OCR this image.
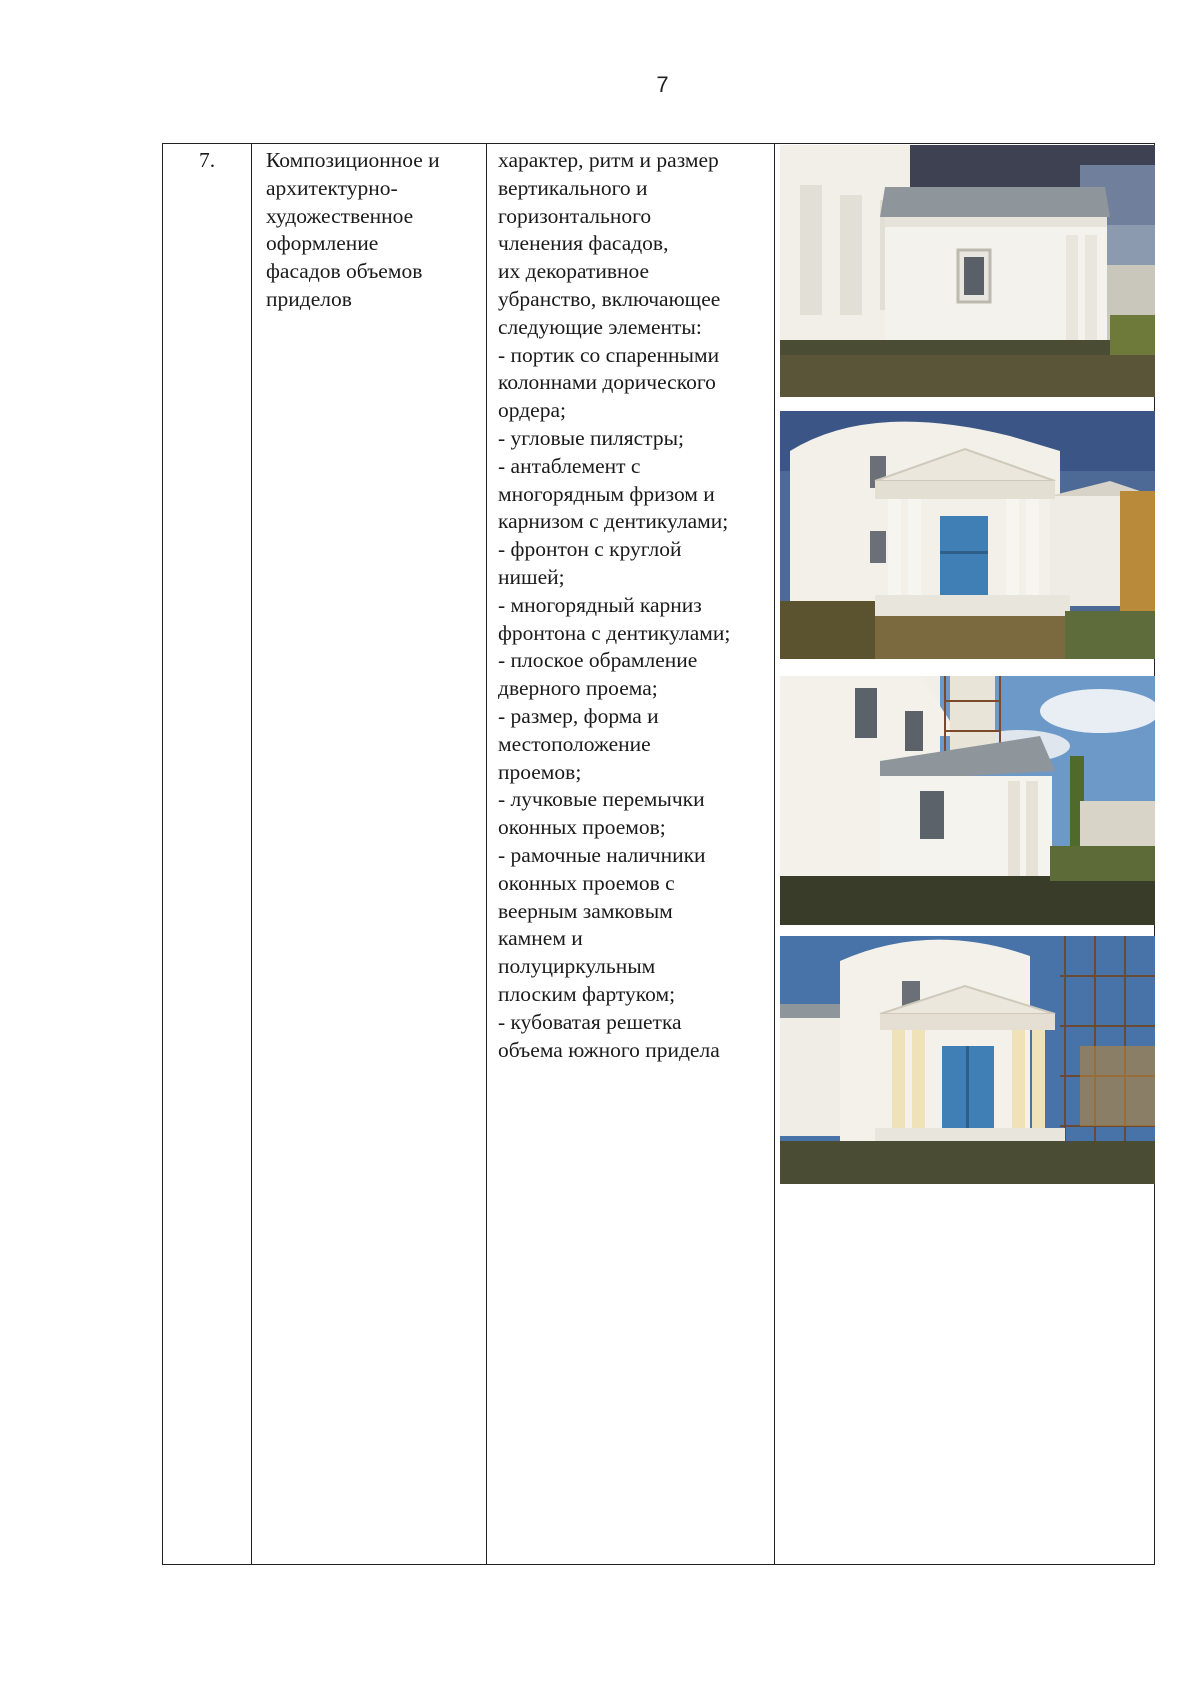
7
7.	Композиционное и
архитектурно-
художественное
оформление
фасадов объемов
приделов
характер, ритм и размер
вертикального и
горизонтального
членения фасадов,
их декоративное
убранство, включающее
следующие элементы:
- портик со спаренными
колоннами дорического
ордера;
- угловые пилястры;
- антаблемент с
многорядным фризом и
карнизом с дентикулами;
- фронтон с круглой
нишей;
- многорядный карниз
фронтона с дентикулами;
- плоское обрамление
дверного проема;
- размер, форма и
местоположение
проемов;
- лучковые перемычки
оконных проемов;
- рамочные наличники
оконных проемов с
веерным замковым
камнем и
полуциркульным
плоским фартуком;
- кубоватая решетка
объема южного придела
